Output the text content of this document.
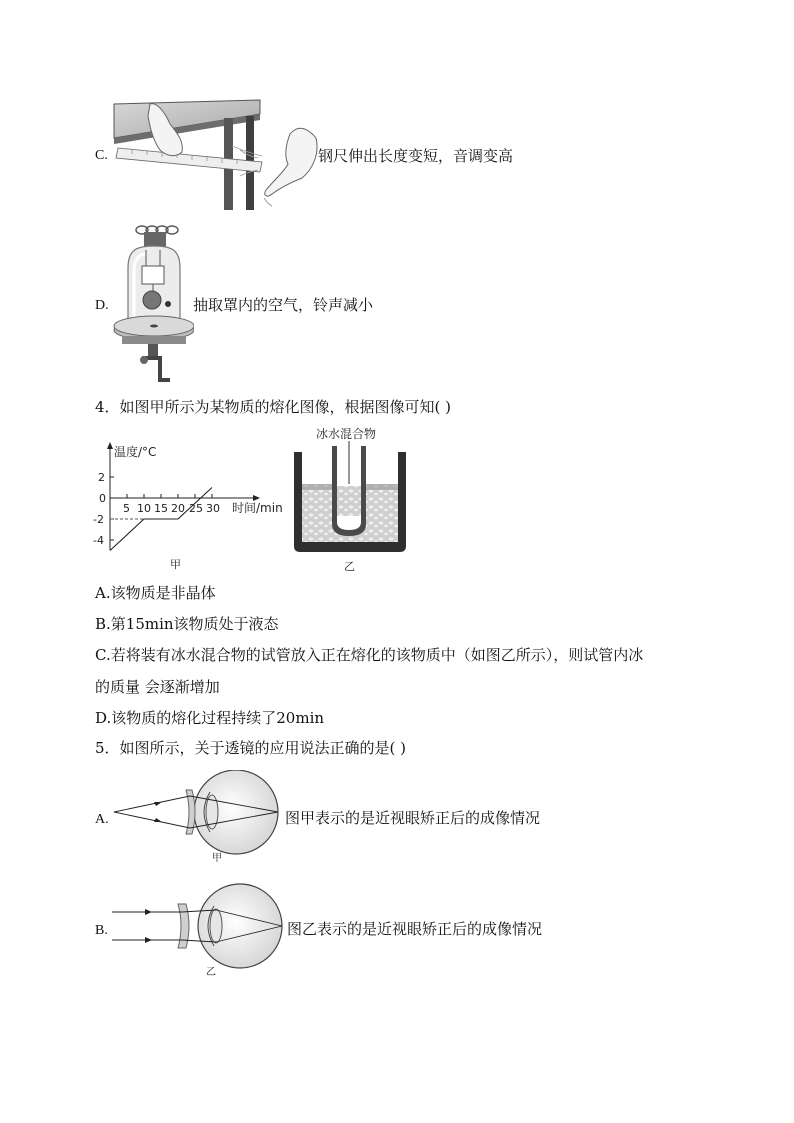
C.	钢尺伸出长度变短，音调变高
D.	抽取罩内的空气，铃声减小
4．如图甲所示为某物质的熔化图像，根据图像可知( )
温度/°C
时间/min
2
0
-2
-4
5 10 15 20 25 30
甲
冰水混合物
乙
A.该物质是非晶体
B.第15min该物质处于液态
C.若将装有冰水混合物的试管放入正在熔化的该物质中（如图乙所示），则试管内冰
的质量 会逐渐增加
D.该物质的熔化过程持续了20min
5．如图所示，关于透镜的应用说法正确的是( )
A.
甲
图甲表示的是近视眼矫正后的成像情况
B.
乙
图乙表示的是近视眼矫正后的成像情况
